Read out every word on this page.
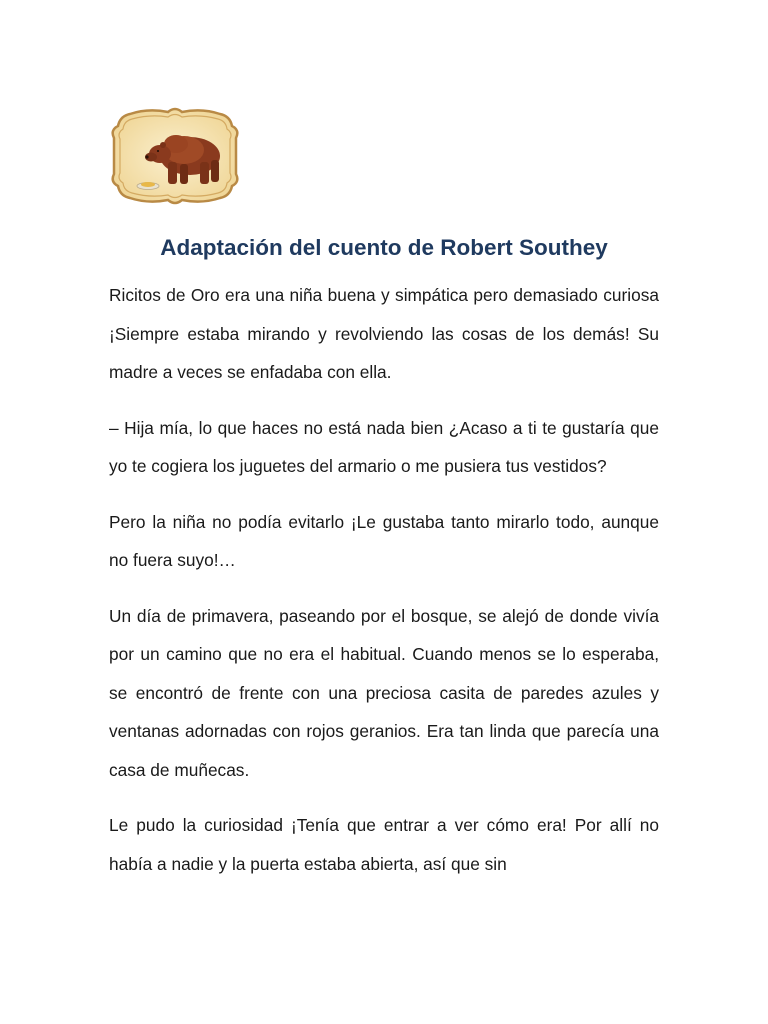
Adaptación del cuento de Robert Southey

Ricitos de Oro era una niña buena y simpática pero demasiado curiosa ¡Siempre estaba mirando y revolviendo las cosas de los demás! Su madre a veces se enfadaba con ella.

– Hija mía, lo que haces no está nada bien ¿Acaso a ti te gustaría que yo te cogiera los juguetes del armario o me pusiera tus vestidos?

Pero la niña no podía evitarlo ¡Le gustaba tanto mirarlo todo, aunque no fuera suyo!…

Un día de primavera, paseando por el bosque, se alejó de donde vivía por un camino que no era el habitual. Cuando menos se lo esperaba, se encontró de frente con una preciosa casita de paredes azules y ventanas adornadas con rojos geranios. Era tan linda que parecía una casa de muñecas.

Le pudo la curiosidad ¡Tenía que entrar a ver cómo era! Por allí no había a nadie y la puerta estaba abierta, así que sin
